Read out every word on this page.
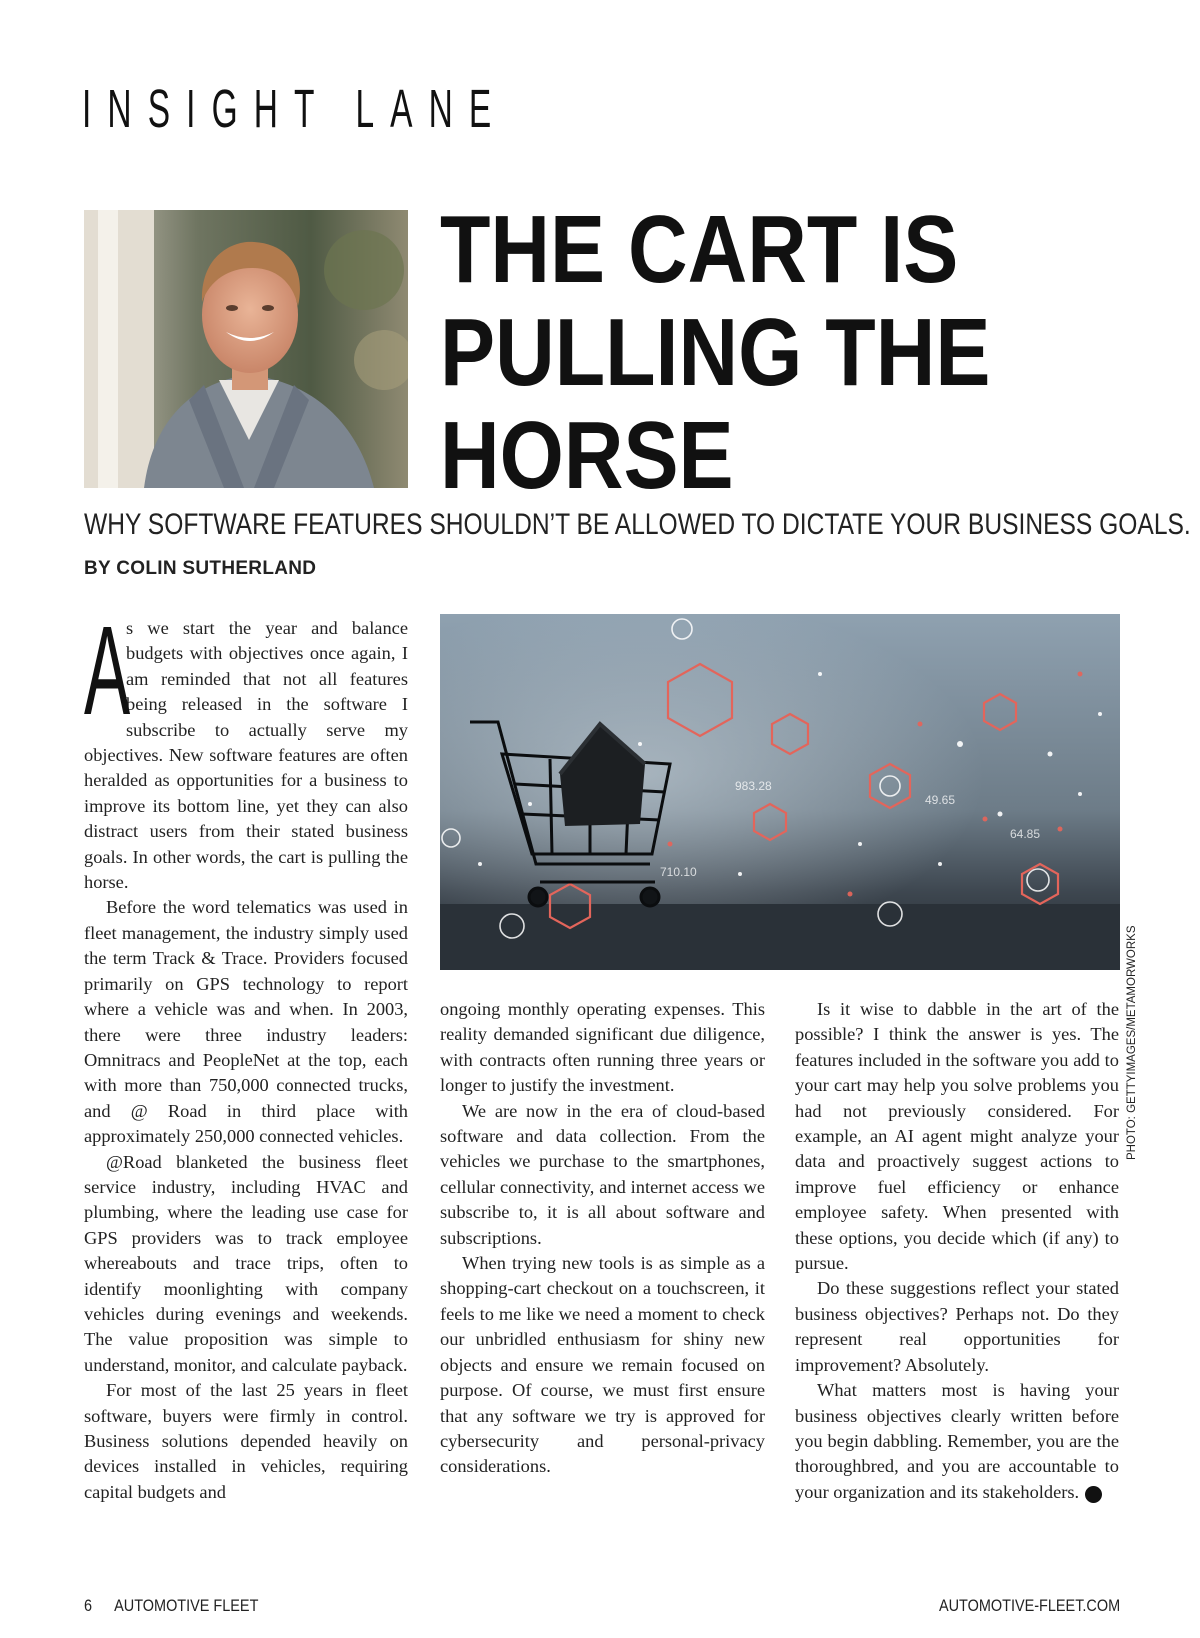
INSIGHT LANE
THE CART IS
PULLING THE
HORSE
WHY SOFTWARE FEATURES SHOULDN’T BE ALLOWED TO DICTATE YOUR BUSINESS GOALS.
BY COLIN SUTHERLAND
A

s we start the year and balance budgets with objectives once again, I am reminded that not all features being released in the software I subscribe to actually serve my objectives. New software features are often heralded as opportunities for a business to improve its bottom line, yet they can also distract users from their stated business goals. In other words, the cart is pulling the horse.

Before the word telematics was used in fleet management, the industry simply used the term Track & Trace. Providers focused primarily on GPS technology to report where a vehicle was and when. In 2003, there were three industry leaders: Omnitracs and PeopleNet at the top, each with more than 750,000 connected trucks, and @ Road in third place with approximately 250,000 connected vehicles.

@Road blanketed the business fleet service industry, including HVAC and plumbing, where the leading use case for GPS providers was to track employee whereabouts and trace trips, often to identify moonlighting with company vehicles during evenings and weekends. The value proposition was simple to understand, monitor, and calculate payback.

For most of the last 25 years in fleet software, buyers were firmly in control. Business solutions depended heavily on devices installed in vehicles, requiring capital budgets and

983.28
49.65
64.85
710.10
PHOTO: GETTYIMAGES/METAMORWORKS

ongoing monthly operating expenses. This reality demanded significant due diligence, with contracts often running three years or longer to justify the investment.

We are now in the era of cloud-based software and data collection. From the vehicles we purchase to the smartphones, cellular connectivity, and internet access we subscribe to, it is all about software and subscriptions.

When trying new tools is as simple as a shopping-cart checkout on a touchscreen, it feels to me like we need a moment to check our unbridled enthusiasm for shiny new objects and ensure we remain focused on purpose. Of course, we must first ensure that any software we try is approved for cybersecurity and personal-privacy considerations.

Is it wise to dabble in the art of the possible? I think the answer is yes. The features included in the software you add to your cart may help you solve problems you had not previously considered. For example, an AI agent might analyze your data and proactively suggest actions to improve fuel efficiency or enhance employee safety. When presented with these options, you decide which (if any) to pursue.

Do these suggestions reflect your stated business objectives? Perhaps not. Do they represent real opportunities for improvement? Absolutely.

What matters most is having your business objectives clearly written before you begin dabbling. Remember, you are the thoroughbred, and you are accountable to your organization and its stakeholders.	AF

6 AUTOMOTIVE FLEET	AUTOMOTIVE-FLEET.COM
